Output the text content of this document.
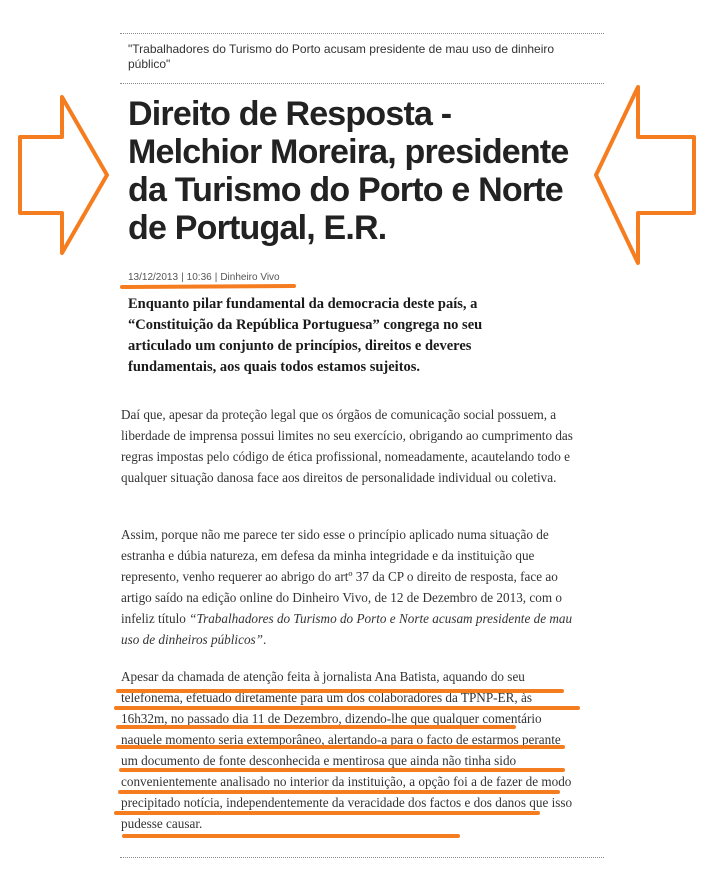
"Trabalhadores do Turismo do Porto acusam presidente de mau uso de dinheiro público"
Direito de Resposta - Melchior Moreira, presidente da Turismo do Porto e Norte de Portugal, E.R.
13/12/2013 | 10:36 | Dinheiro Vivo
Enquanto pilar fundamental da democracia deste país, a “Constituição da República Portuguesa” congrega no seu articulado um conjunto de princípios, direitos e deveres fundamentais, aos quais todos estamos sujeitos.
Daí que, apesar da proteção legal que os órgãos de comunicação social possuem, a liberdade de imprensa possui limites no seu exercício, obrigando ao cumprimento das regras impostas pelo código de ética profissional, nomeadamente, acautelando todo e qualquer situação danosa face aos direitos de personalidade individual ou coletiva.
Assim, porque não me parece ter sido esse o princípio aplicado numa situação de estranha e dúbia natureza, em defesa da minha integridade e da instituição que represento, venho requerer ao abrigo do artº 37 da CP o direito de resposta, face ao artigo saído na edição online do Dinheiro Vivo, de 12 de Dezembro de 2013, com o infeliz título “Trabalhadores do Turismo do Porto e Norte acusam presidente de mau uso de dinheiros públicos”.
Apesar da chamada de atenção feita à jornalista Ana Batista, aquando do seu telefonema, efetuado diretamente para um dos colaboradores da TPNP-ER, às 16h32m, no passado dia 11 de Dezembro, dizendo-lhe que qualquer comentário naquele momento seria extemporâneo, alertando-a para o facto de estarmos perante um documento de fonte desconhecida e mentirosa que ainda não tinha sido convenientemente analisado no interior da instituição, a opção foi a de fazer de modo precipitado notícia, independentemente da veracidade dos factos e dos danos que isso pudesse causar.
